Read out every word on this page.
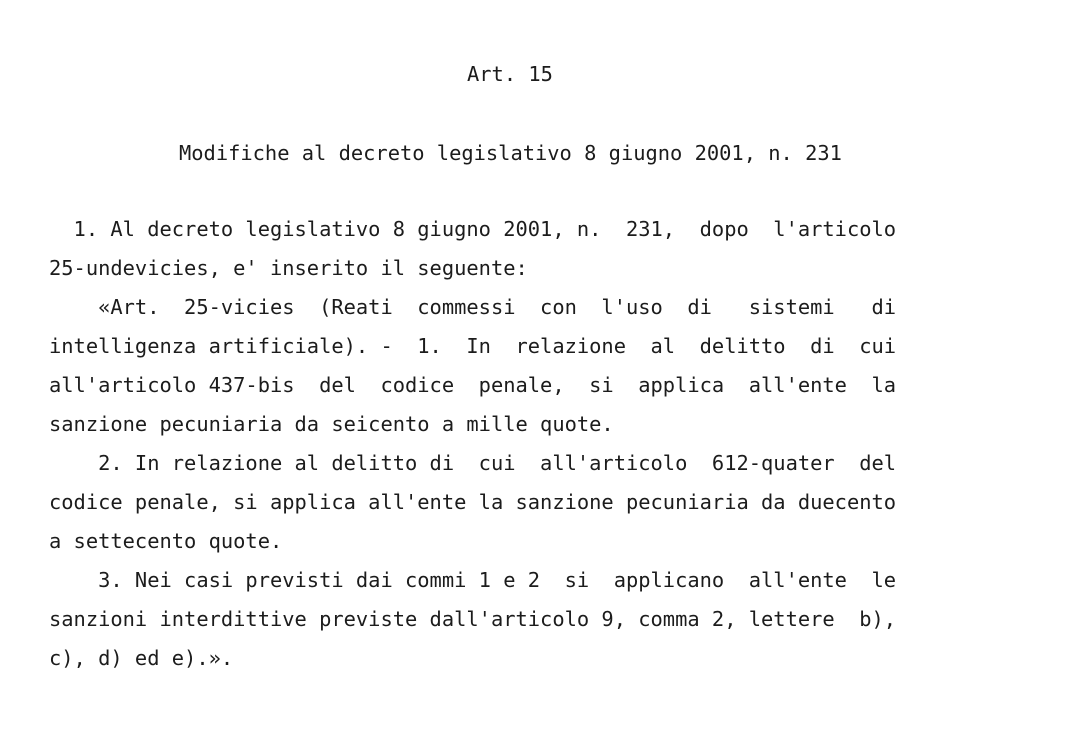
Art. 15
Modifiche al decreto legislativo 8 giugno 2001, n. 231
1. Al decreto legislativo 8 giugno 2001, n.  231,  dopo  l'articolo
25-undevicies, e' inserito il seguente:
«Art.  25-vicies  (Reati  commessi  con  l'uso  di   sistemi   di
intelligenza artificiale). -  1.  In  relazione  al  delitto  di  cui
all'articolo 437-bis  del  codice  penale,  si  applica  all'ente  la
sanzione pecuniaria da seicento a mille quote.
2. In relazione al delitto di  cui  all'articolo  612-quater  del
codice penale, si applica all'ente la sanzione pecuniaria da duecento
a settecento quote.
3. Nei casi previsti dai commi 1 e 2  si  applicano  all'ente  le
sanzioni interdittive previste dall'articolo 9, comma 2, lettere  b),
c), d) ed e).».
